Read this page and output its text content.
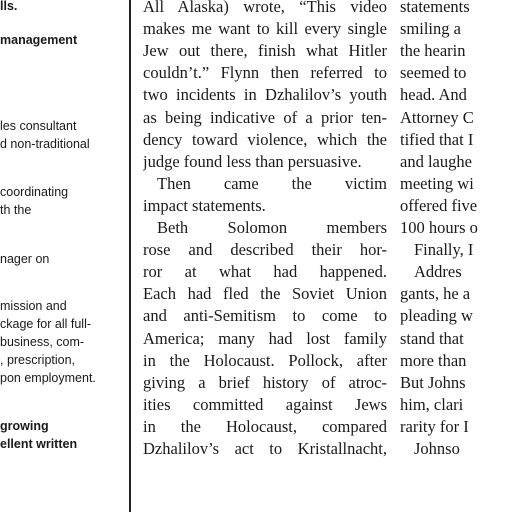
lls.
management
les consultant
d non-traditional
coordinating
th the
nager on
mission and
ckage for all full-
business, com-
, prescription,
pon employment.
growing
ellent written
All Alaska) wrote, “This video
makes me want to kill every single
Jew out there, finish what Hitler
couldn’t.” Flynn then referred to
two incidents in Dzhalilov’s youth
as being indicative of a prior ten-
dency toward violence, which the
judge found less than persuasive.
Then came the victim
impact statements.
Beth Solomon members
rose and described their hor-
ror at what had happened.
Each had fled the Soviet Union
and anti-Semitism to come to
America; many had lost family
in the Holocaust. Pollock, after
giving a brief history of atroc-
ities committed against Jews
in the Holocaust, compared
Dzhalilov’s act to Kristallnacht,
statements
smiling a
the hearin
seemed to
head. And
Attorney C
tified that I
and laughe
meeting wi
offered five
100 hours o
Finally, I
Addres
gants, he a
pleading w
stand that
more than
But Johns
him, clari
rarity for I
Johnso
